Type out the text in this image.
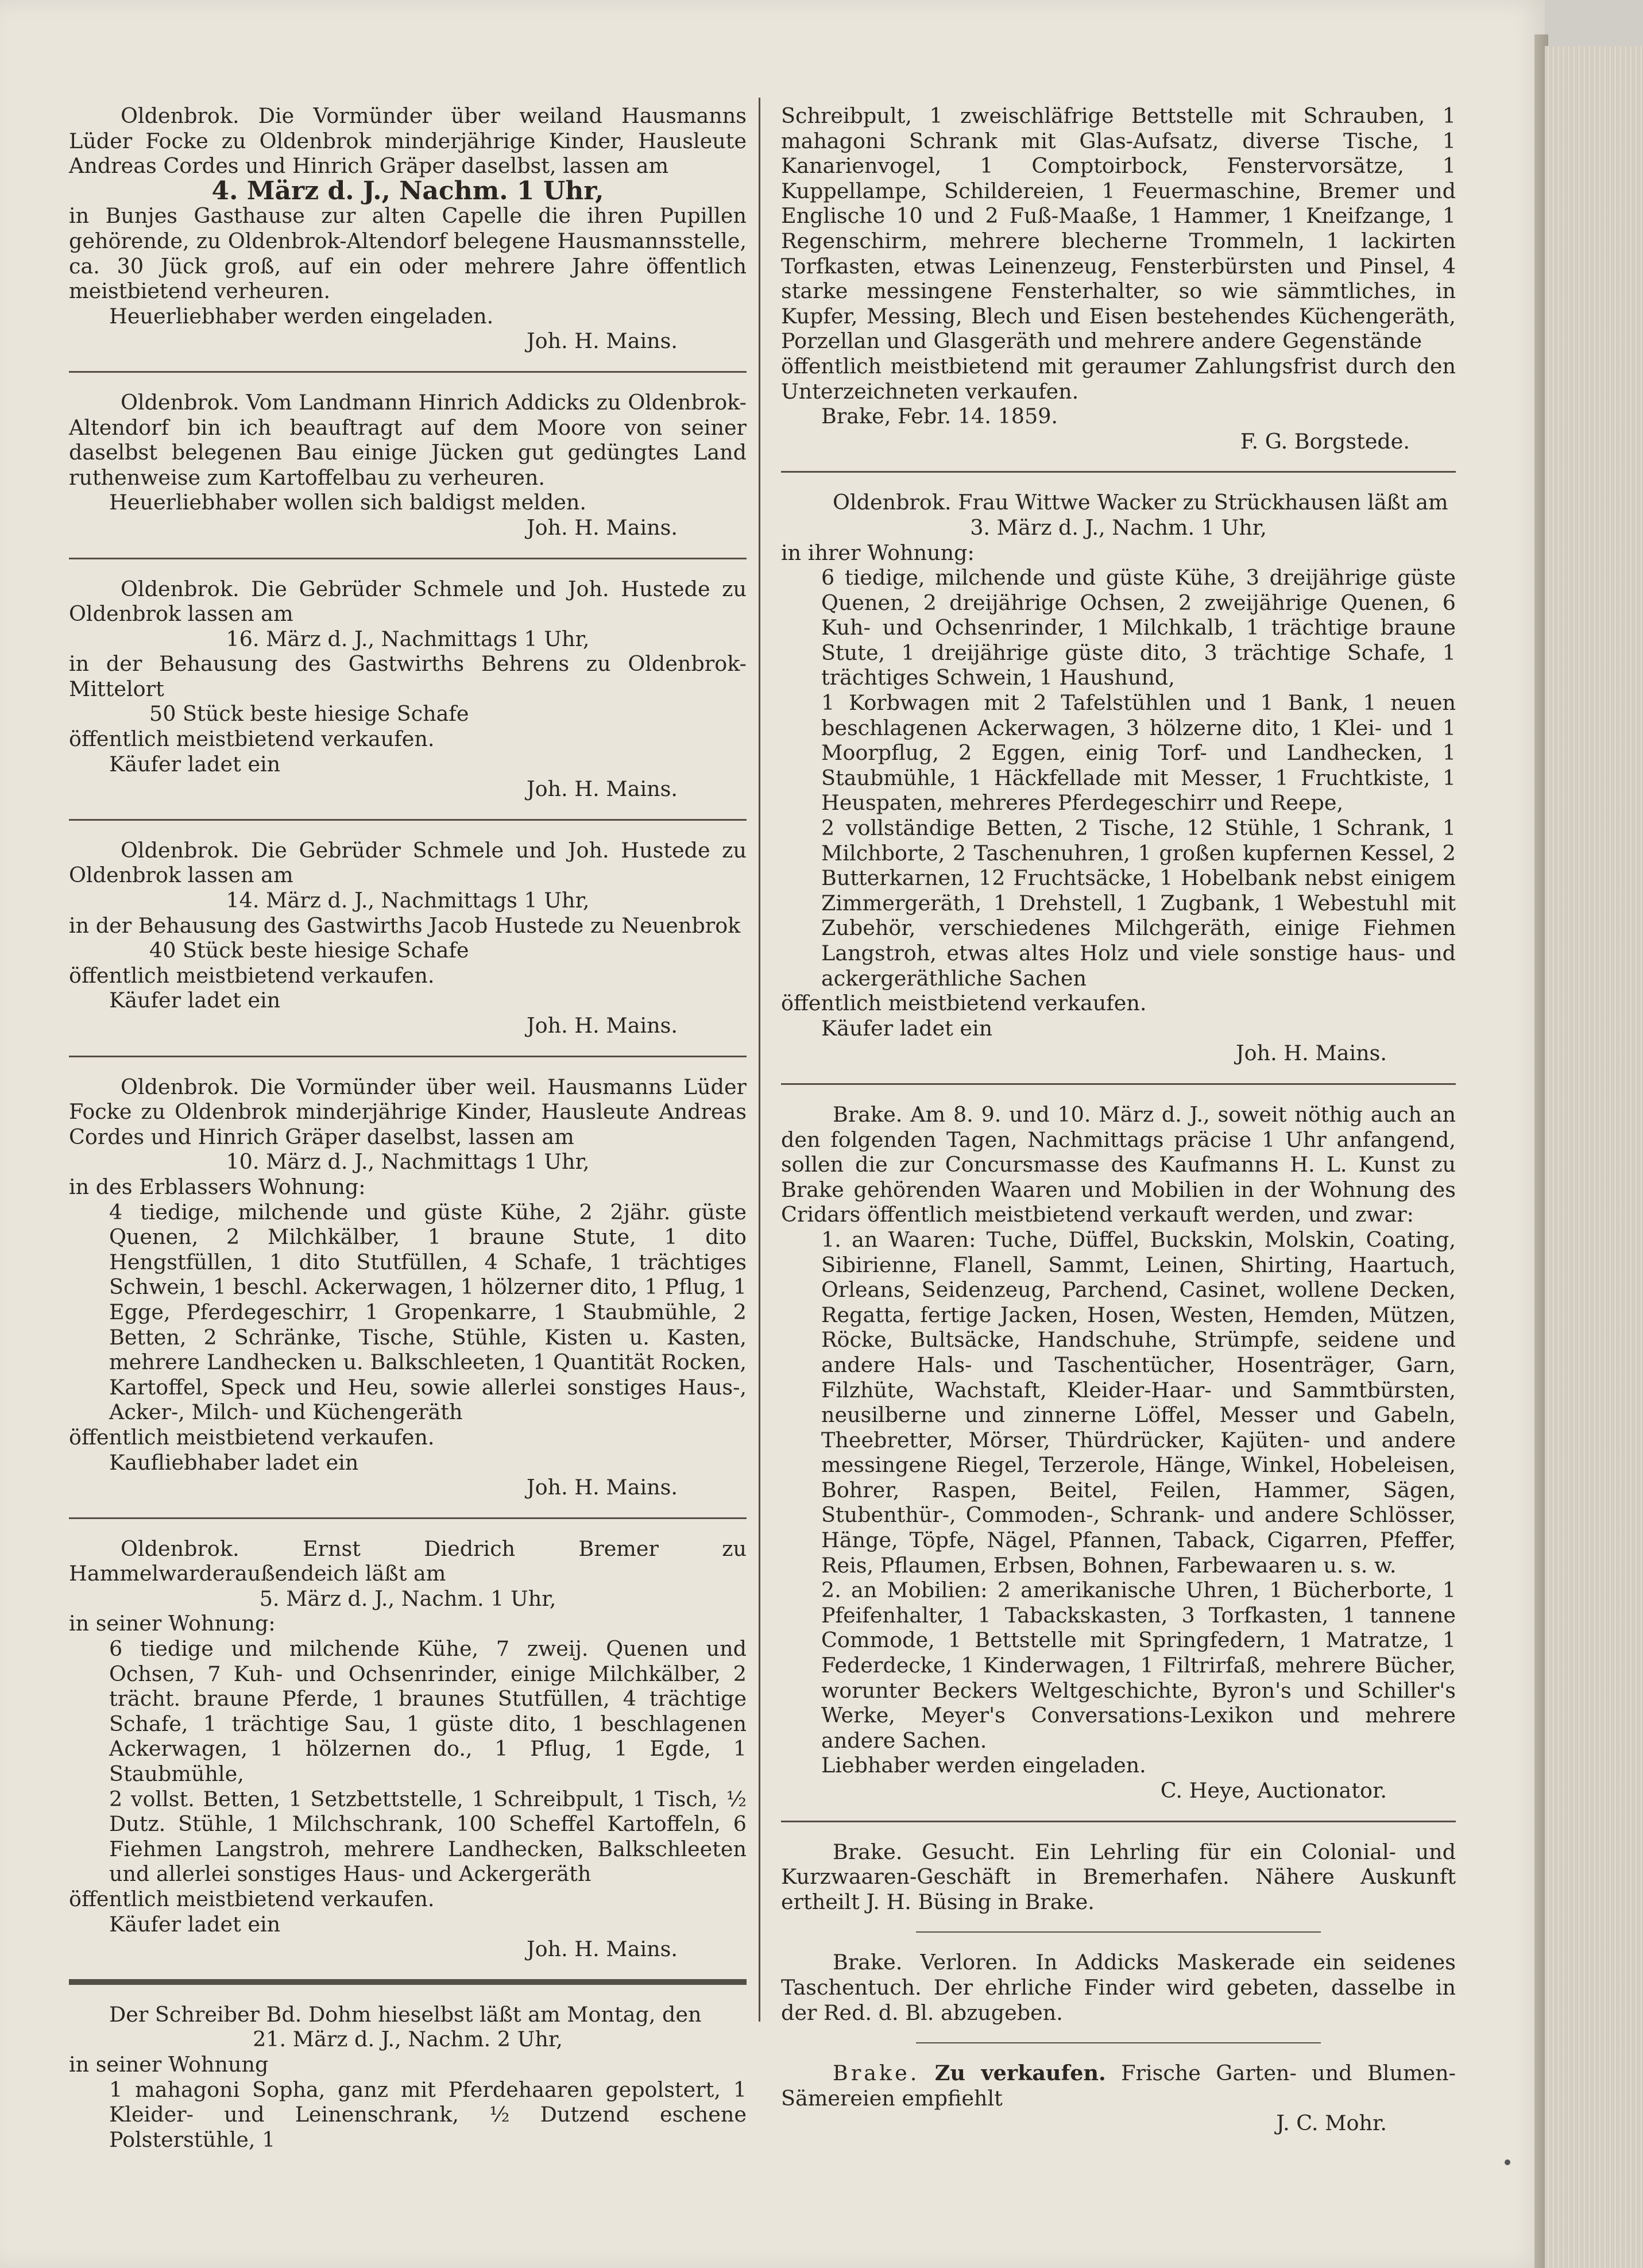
Oldenbrok. Die Vormünder über weiland Hausmanns Lüder Focke zu Oldenbrok minderjährige Kinder, Hausleute Andreas Cordes und Hinrich Gräper daselbst, lassen am

4. März d. J., Nachm. 1 Uhr,

in Bunjes Gasthause zur alten Capelle die ihren Pupillen gehörende, zu Oldenbrok-Altendorf belegene Hausmannsstelle, ca. 30 Jück groß, auf ein oder mehrere Jahre öffentlich meistbietend verheuren.

Heuerliebhaber werden eingeladen.

Joh. H. Mains.

Oldenbrok. Vom Landmann Hinrich Addicks zu Oldenbrok-Altendorf bin ich beauftragt auf dem Moore von seiner daselbst belegenen Bau einige Jücken gut gedüngtes Land ruthenweise zum Kartoffelbau zu verheuren.

Heuerliebhaber wollen sich baldigst melden.

Joh. H. Mains.

Oldenbrok. Die Gebrüder Schmele und Joh. Hustede zu Oldenbrok lassen am

16. März d. J., Nachmittags 1 Uhr,

in der Behausung des Gastwirths Behrens zu Oldenbrok-Mittelort

50 Stück beste hiesige Schafe

öffentlich meistbietend verkaufen.

Käufer ladet ein

Joh. H. Mains.

Oldenbrok. Die Gebrüder Schmele und Joh. Hustede zu Oldenbrok lassen am

14. März d. J., Nachmittags 1 Uhr,

in der Behausung des Gastwirths Jacob Hustede zu Neuenbrok

40 Stück beste hiesige Schafe

öffentlich meistbietend verkaufen.

Käufer ladet ein

Joh. H. Mains.

Oldenbrok. Die Vormünder über weil. Hausmanns Lüder Focke zu Oldenbrok minderjährige Kinder, Hausleute Andreas Cordes und Hinrich Gräper daselbst, lassen am

10. März d. J., Nachmittags 1 Uhr,

in des Erblassers Wohnung:

4 tiedige, milchende und güste Kühe, 2 2jähr. güste Quenen, 2 Milchkälber, 1 braune Stute, 1 dito Hengstfüllen, 1 dito Stutfüllen, 4 Schafe, 1 trächtiges Schwein, 1 beschl. Ackerwagen, 1 hölzerner dito, 1 Pflug, 1 Egge, Pferdegeschirr, 1 Gropenkarre, 1 Staubmühle, 2 Betten, 2 Schränke, Tische, Stühle, Kisten u. Kasten, mehrere Landhecken u. Balkschleeten, 1 Quantität Rocken, Kartoffel, Speck und Heu, sowie allerlei sonstiges Haus-, Acker-, Milch- und Küchengeräth

öffentlich meistbietend verkaufen.

Kaufliebhaber ladet ein

Joh. H. Mains.

Oldenbrok. Ernst Diedrich Bremer zu Hammelwarderaußendeich läßt am

5. März d. J., Nachm. 1 Uhr,

in seiner Wohnung:

6 tiedige und milchende Kühe, 7 zweij. Quenen und Ochsen, 7 Kuh- und Ochsenrinder, einige Milchkälber, 2 trächt. braune Pferde, 1 braunes Stutfüllen, 4 trächtige Schafe, 1 trächtige Sau, 1 güste dito, 1 beschlagenen Ackerwagen, 1 hölzernen do., 1 Pflug, 1 Egde, 1 Staubmühle,

2 vollst. Betten, 1 Setzbettstelle, 1 Schreibpult, 1 Tisch, ½ Dutz. Stühle, 1 Milchschrank, 100 Scheffel Kartoffeln, 6 Fiehmen Langstroh, mehrere Landhecken, Balkschleeten und allerlei sonstiges Haus- und Ackergeräth

öffentlich meistbietend verkaufen.

Käufer ladet ein

Joh. H. Mains.

Der Schreiber Bd. Dohm hieselbst läßt am Montag, den

21. März d. J., Nachm. 2 Uhr,

in seiner Wohnung

1 mahagoni Sopha, ganz mit Pferdehaaren gepolstert, 1 Kleider- und Leinenschrank, ½ Dutzend eschene Polsterstühle, 1

Schreibpult, 1 zweischläfrige Bettstelle mit Schrauben, 1 mahagoni Schrank mit Glas-Aufsatz, diverse Tische, 1 Kanarienvogel, 1 Comptoirbock, Fenstervorsätze, 1 Kuppellampe, Schildereien, 1 Feuermaschine, Bremer und Englische 10 und 2 Fuß-Maaße, 1 Hammer, 1 Kneifzange, 1 Regenschirm, mehrere blecherne Trommeln, 1 lackirten Torfkasten, etwas Leinenzeug, Fensterbürsten und Pinsel, 4 starke messingene Fensterhalter, so wie sämmtliches, in Kupfer, Messing, Blech und Eisen bestehendes Küchengeräth, Porzellan und Glasgeräth und mehrere andere Gegenstände

öffentlich meistbietend mit geraumer Zahlungsfrist durch den Unterzeichneten verkaufen.

Brake, Febr. 14. 1859.

F. G. Borgstede.

Oldenbrok. Frau Wittwe Wacker zu Strückhausen läßt am

3. März d. J., Nachm. 1 Uhr,

in ihrer Wohnung:

6 tiedige, milchende und güste Kühe, 3 dreijährige güste Quenen, 2 dreijährige Ochsen, 2 zweijährige Quenen, 6 Kuh- und Ochsenrinder, 1 Milchkalb, 1 trächtige braune Stute, 1 dreijährige güste dito, 3 trächtige Schafe, 1 trächtiges Schwein, 1 Haushund,

1 Korbwagen mit 2 Tafelstühlen und 1 Bank, 1 neuen beschlagenen Ackerwagen, 3 hölzerne dito, 1 Klei- und 1 Moorpflug, 2 Eggen, einig Torf- und Landhecken, 1 Staubmühle, 1 Häckfellade mit Messer, 1 Fruchtkiste, 1 Heuspaten, mehreres Pferdegeschirr und Reepe,

2 vollständige Betten, 2 Tische, 12 Stühle, 1 Schrank, 1 Milchborte, 2 Taschenuhren, 1 großen kupfernen Kessel, 2 Butterkarnen, 12 Fruchtsäcke, 1 Hobelbank nebst einigem Zimmergeräth, 1 Drehstell, 1 Zugbank, 1 Webestuhl mit Zubehör, verschiedenes Milchgeräth, einige Fiehmen Langstroh, etwas altes Holz und viele sonstige haus- und ackergeräthliche Sachen

öffentlich meistbietend verkaufen.

Käufer ladet ein

Joh. H. Mains.

Brake. Am 8. 9. und 10. März d. J., soweit nöthig auch an den folgenden Tagen, Nachmittags präcise 1 Uhr anfangend, sollen die zur Concursmasse des Kaufmanns H. L. Kunst zu Brake gehörenden Waaren und Mobilien in der Wohnung des Cridars öffentlich meistbietend verkauft werden, und zwar:

1. an Waaren: Tuche, Düffel, Buckskin, Molskin, Coating, Sibirienne, Flanell, Sammt, Leinen, Shirting, Haartuch, Orleans, Seidenzeug, Parchend, Casinet, wollene Decken, Regatta, fertige Jacken, Hosen, Westen, Hemden, Mützen, Röcke, Bultsäcke, Handschuhe, Strümpfe, seidene und andere Hals- und Taschentücher, Hosenträger, Garn, Filzhüte, Wachstaft, Kleider-Haar- und Sammtbürsten, neusilberne und zinnerne Löffel, Messer und Gabeln, Theebretter, Mörser, Thürdrücker, Kajüten- und andere messingene Riegel, Terzerole, Hänge, Winkel, Hobeleisen, Bohrer, Raspen, Beitel, Feilen, Hammer, Sägen, Stubenthür-, Commoden-, Schrank- und andere Schlösser, Hänge, Töpfe, Nägel, Pfannen, Taback, Cigarren, Pfeffer, Reis, Pflaumen, Erbsen, Bohnen, Farbewaaren u. s. w.

2. an Mobilien: 2 amerikanische Uhren, 1 Bücherborte, 1 Pfeifenhalter, 1 Tabackskasten, 3 Torfkasten, 1 tannene Commode, 1 Bettstelle mit Springfedern, 1 Matratze, 1 Federdecke, 1 Kinderwagen, 1 Filtrirfaß, mehrere Bücher, worunter Beckers Weltgeschichte, Byron's und Schiller's Werke, Meyer's Conversations-Lexikon und mehrere andere Sachen.

Liebhaber werden eingeladen.

C. Heye, Auctionator.

Brake. Gesucht. Ein Lehrling für ein Colonial- und Kurzwaaren-Geschäft in Bremerhafen. Nähere Auskunft ertheilt J. H. Büsing in Brake.

Brake. Verloren. In Addicks Maskerade ein seidenes Taschentuch. Der ehrliche Finder wird gebeten, dasselbe in der Red. d. Bl. abzugeben.

Brake. Zu verkaufen. Frische Garten- und Blumen-Sämereien empfiehlt

J. C. Mohr.
